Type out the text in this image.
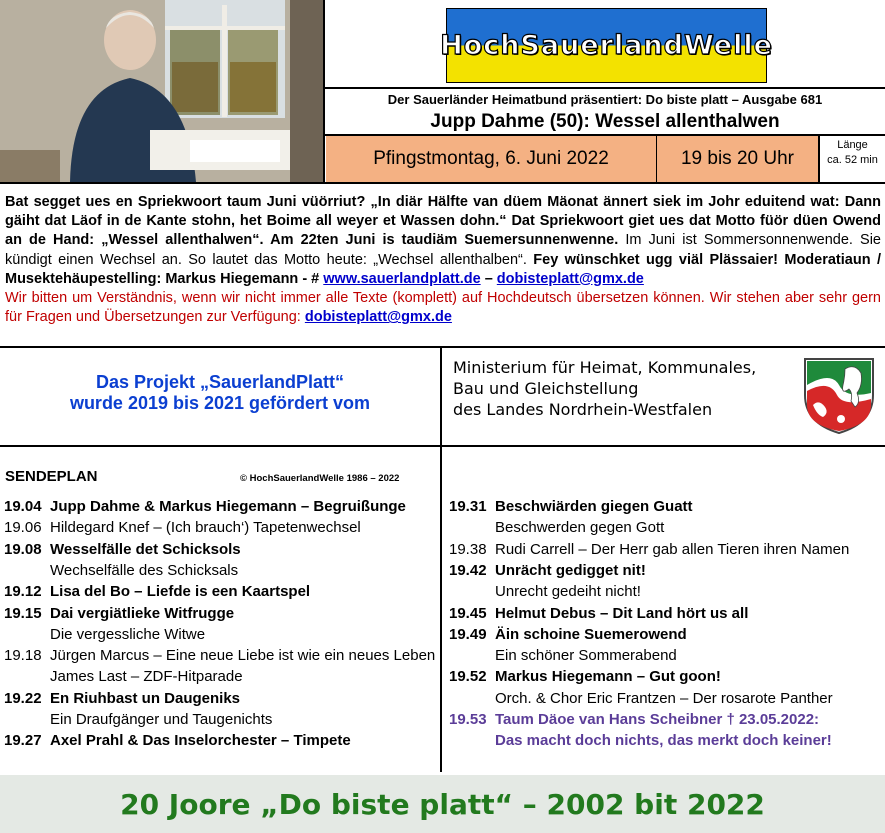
HochSauerlandWelle
Der Sauerländer Heimatbund präsentiert: Do biste platt – Ausgabe 681
Jupp Dahme (50): Wessel allenthalwen
Pfingstmontag, 6. Juni 2022	19 bis 20 Uhr
Länge
ca. 52 min
Bat segget ues en Spriekwoort taum Juni vüörriut? „In diär Hälfte van düem Mäonat ännert siek im Johr eduitend wat: Dann gäiht dat Läof in de Kante stohn, het Boime all weyer et Wassen dohn.“ Dat Spriekwoort giet ues dat Motto füör düen Owend an de Hand: „Wessel allenthalwen“. Am 22ten Juni is taudiäm Suemersunnenwenne. Im Juni ist Sommersonnenwende. Sie kündigt einen Wechsel an. So lautet das Motto heute: „Wechsel allenthalben“. Fey wünschket ugg viäl Plässaier! Moderatiaun / Musektehäupestelling: Markus Hiegemann - # www.sauerlandplatt.de – dobisteplatt@gmx.de
Wir bitten um Verständnis, wenn wir nicht immer alle Texte (komplett) auf Hochdeutsch übersetzen können. Wir stehen aber sehr gern für Fragen und Übersetzungen zur Verfügung: dobisteplatt@gmx.de
Das Projekt „SauerlandPlatt“
wurde 2019 bis 2021 gefördert vom
Ministerium für Heimat, Kommunales,
Bau und Gleichstellung
des Landes Nordrhein-Westfalen
SENDEPLAN	© HochSauerlandWelle 1986 – 2022
19.04 Jupp Dahme & Markus Hiegemann – Begruißunge
19.06 Hildegard Knef – (Ich brauch‘) Tapetenwechsel
19.08 Wesselfälle det Schicksols
Wechselfälle des Schicksals
19.12 Lisa del Bo – Liefde is een Kaartspel
19.15 Dai vergiätlieke Witfrugge
Die vergessliche Witwe
19.18 Jürgen Marcus – Eine neue Liebe ist wie ein neues Leben
James Last – ZDF-Hitparade
19.22 En Riuhbast un Daugeniks
Ein Draufgänger und Taugenichts
19.27 Axel Prahl & Das Inselorchester – Timpete
19.31 Beschwiärden giegen Guatt
Beschwerden gegen Gott
19.38 Rudi Carrell – Der Herr gab allen Tieren ihren Namen
19.42 Unrächt gedigget nit!
Unrecht gedeiht nicht!
19.45 Helmut Debus – Dit Land hört us all
19.49 Äin schoine Suemerowend
Ein schöner Sommerabend
19.52 Markus Hiegemann – Gut goon!
Orch. & Chor Eric Frantzen – Der rosarote Panther
19.53 Taum Däoe van Hans Scheibner † 23.05.2022:
Das macht doch nichts, das merkt doch keiner!
20 Joore „Do biste platt“ – 2002 bit 2022
